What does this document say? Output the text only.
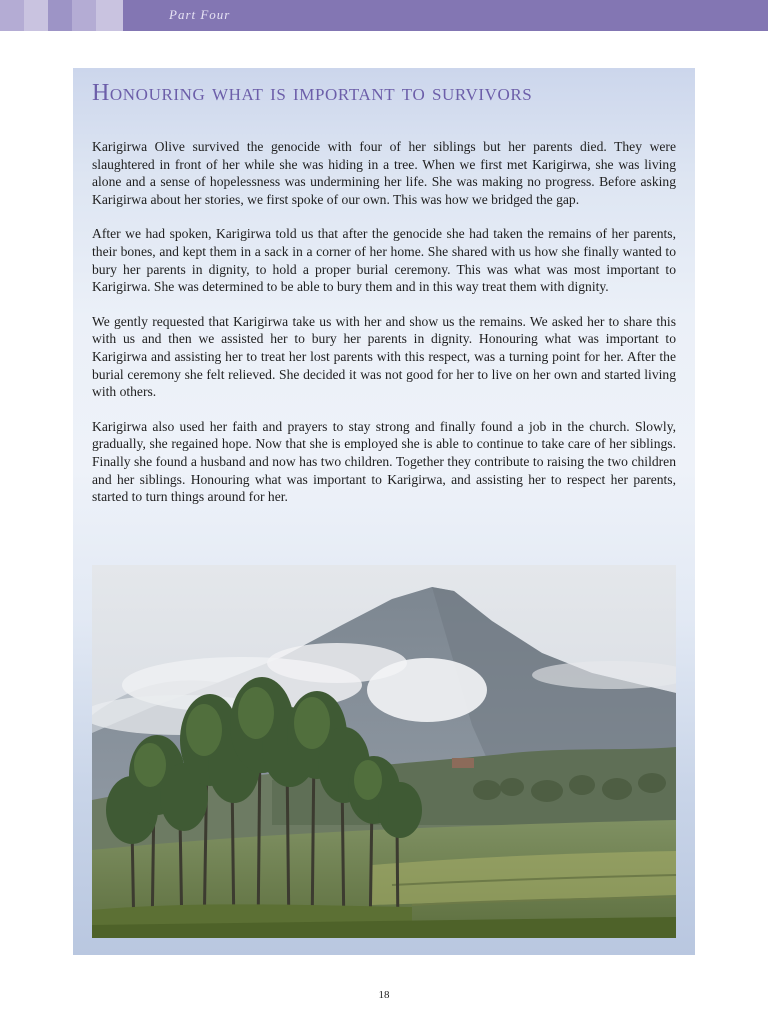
Part Four
Honouring what is important to survivors

Karigirwa Olive survived the genocide with four of her siblings but her parents died. They were slaughtered in front of her while she was hiding in a tree. When we first met Karigirwa, she was living alone and a sense of hopelessness was undermining her life. She was making no progress. Before asking Karigirwa about her stories, we first spoke of our own. This was how we bridged the gap.

After we had spoken, Karigirwa told us that after the genocide she had taken the remains of her parents, their bones, and kept them in a sack in a corner of her home. She shared with us how she finally wanted to bury her parents in dignity, to hold a proper burial ceremony. This was what was most important to Karigirwa. She was determined to be able to bury them and in this way treat them with dignity.

We gently requested that Karigirwa take us with her and show us the remains. We asked her to share this with us and then we assisted her to bury her parents in dignity. Honouring what was important to Karigirwa and assisting her to treat her lost parents with this respect, was a turning point for her. After the burial ceremony she felt relieved. She decided it was not good for her to live on her own and started living with others.

Karigirwa also used her faith and prayers to stay strong and finally found a job in the church. Slowly, gradually, she regained hope. Now that she is employed she is able to continue to take care of her siblings. Finally she found a husband and now has two children. Together they contribute to raising the two children and her siblings. Honouring what was important to Karigirwa, and assisting her to respect her parents, started to turn things around for her.

18
